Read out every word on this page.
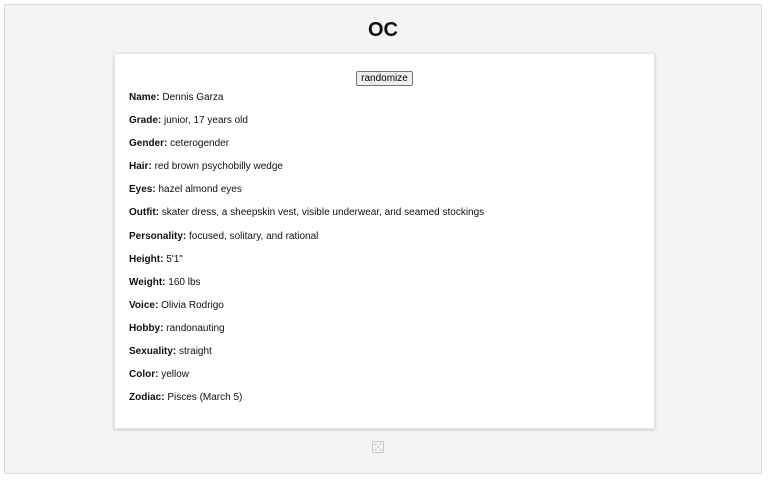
OC
randomize
Name: Dennis Garza
Grade: junior, 17 years old
Gender: ceterogender
Hair: red brown psychobilly wedge
Eyes: hazel almond eyes
Outfit: skater dress, a sheepskin vest, visible underwear, and seamed stockings
Personality: focused, solitary, and rational
Height: 5'1"
Weight: 160 lbs
Voice: Olivia Rodrigo
Hobby: randonauting
Sexuality: straight
Color: yellow
Zodiac: Pisces (March 5)
